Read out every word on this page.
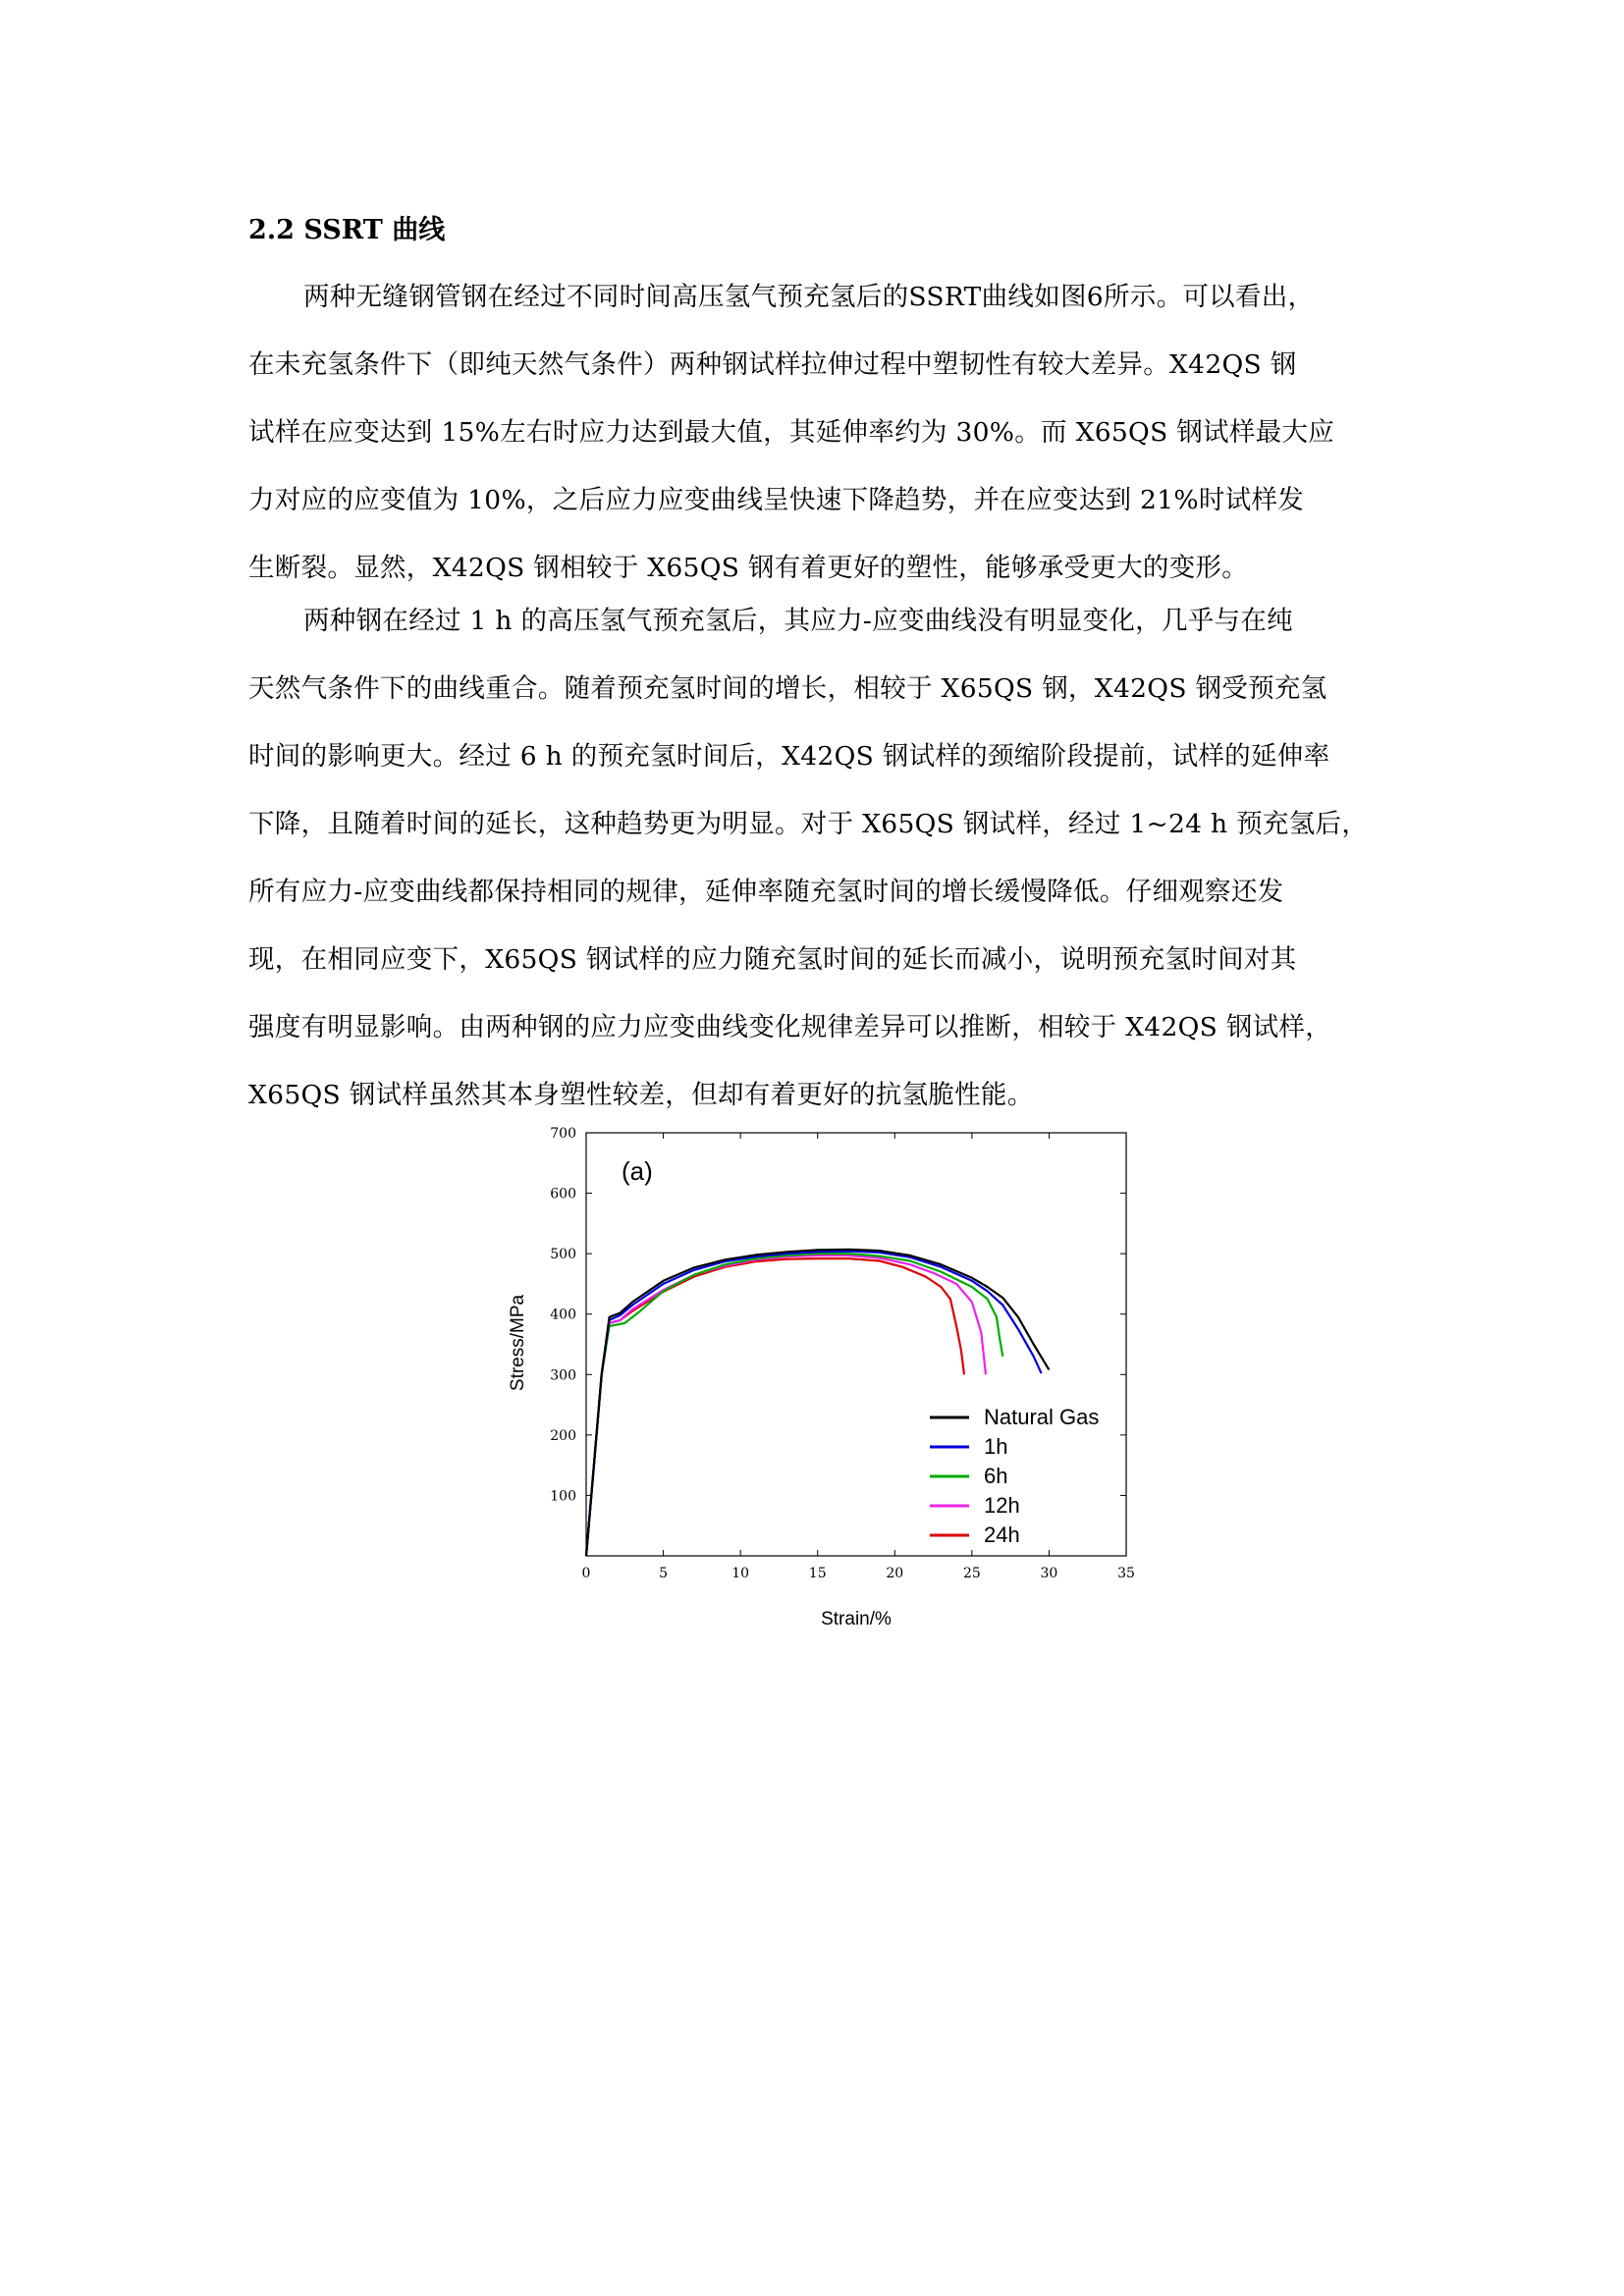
2.2 SSRT 曲线
两种无缝钢管钢在经过不同时间高压氢气预充氢后的SSRT曲线如图6所示。可以看出，
在未充氢条件下（即纯天然气条件）两种钢试样拉伸过程中塑韧性有较大差异。X42QS 钢
试样在应变达到 15%左右时应力达到最大值，其延伸率约为 30%。而 X65QS 钢试样最大应
力对应的应变值为 10%，之后应力应变曲线呈快速下降趋势，并在应变达到 21%时试样发
生断裂。显然，X42QS 钢相较于 X65QS 钢有着更好的塑性，能够承受更大的变形。
两种钢在经过 1 h 的高压氢气预充氢后，其应力-应变曲线没有明显变化，几乎与在纯
天然气条件下的曲线重合。随着预充氢时间的增长，相较于 X65QS 钢，X42QS 钢受预充氢
时间的影响更大。经过 6 h 的预充氢时间后，X42QS 钢试样的颈缩阶段提前，试样的延伸率
下降，且随着时间的延长，这种趋势更为明显。对于 X65QS 钢试样，经过 1~24 h 预充氢后，
所有应力-应变曲线都保持相同的规律，延伸率随充氢时间的增长缓慢降低。仔细观察还发
现，在相同应变下，X65QS 钢试样的应力随充氢时间的延长而减小，说明预充氢时间对其
强度有明显影响。由两种钢的应力应变曲线变化规律差异可以推断，相较于 X42QS 钢试样，
X65QS 钢试样虽然其本身塑性较差，但却有着更好的抗氢脆性能。
0	5	10	15	20	25	30	35
100
200
300
400
500
600
700
Natural Gas
1h
6h
12h
24h
(a)
Strain/%
Stress/MPa
